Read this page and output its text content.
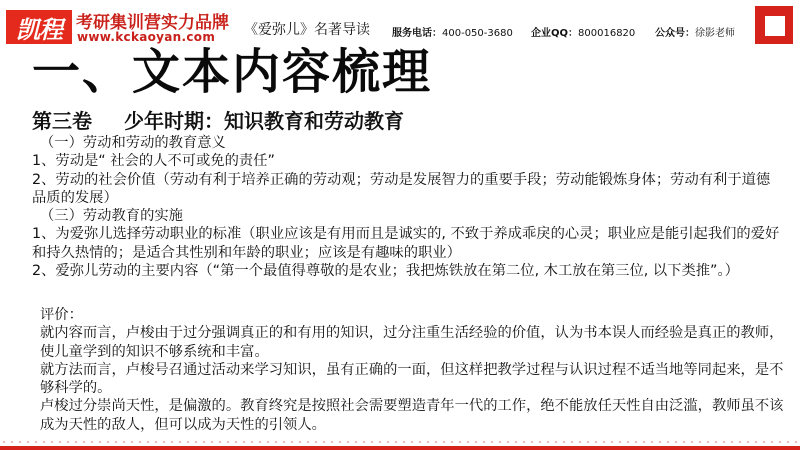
凯程 考研集训营实力品牌
www.kckaoyan.com 《爱弥儿》名著导读 服务电话：400-050-3680 企业QQ：800016820 公众号：徐影老师
一、文本内容梳理
第三卷 少年时期：知识教育和劳动教育

（一）劳动和劳动的教育意义

1、劳动是“ 社会的人不可或免的责任”

2、劳动的社会价值（劳动有利于培养正确的劳动观；劳动是发展智力的重要手段；劳动能锻炼身体；劳动有利于道德品质的发展）

（三）劳动教育的实施

1、为爱弥儿选择劳动职业的标准（职业应该是有用而且是诚实的, 不致于养成乖戾的心灵；职业应是能引起我们的爱好和持久热情的；是适合其性别和年龄的职业；应该是有趣味的职业）

2、爱弥儿劳动的主要内容（“第一个最值得尊敬的是农业；我把炼铁放在第二位, 木工放在第三位, 以下类推”。）

评价：

就内容而言，卢梭由于过分强调真正的和有用的知识，过分注重生活经验的价值，认为书本误人而经验是真正的教师，使儿童学到的知识不够系统和丰富。

就方法而言，卢梭号召通过活动来学习知识，虽有正确的一面，但这样把教学过程与认识过程不适当地等同起来，是不够科学的。

卢梭过分崇尚天性，是偏激的。教育终究是按照社会需要塑造青年一代的工作，绝不能放任天性自由泛滥，教师虽不该成为天性的敌人，但可以成为天性的引领人。
